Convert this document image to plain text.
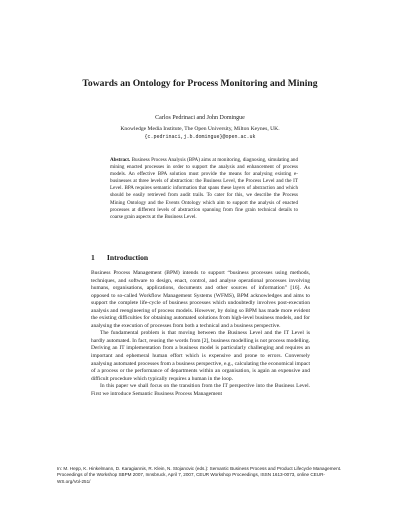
Towards an Ontology for Process Monitoring and Mining
Carlos Pedrinaci and John Domingue
Knowledge Media Institute, The Open University, Milton Keynes, UK.
{c.pedrinaci,j.b.domingue}@open.ac.uk
Abstract. Business Process Analysis (BPA) aims at monitoring, diagnosing, simulating and mining enacted processes in order to support the analysis and enhancement of process models. An effective BPA solution must provide the means for analysing existing e-businesses at three levels of abstraction: the Business Level, the Process Level and the IT Level. BPA requires semantic information that spans these layers of abstraction and which should be easily retrieved from audit trails. To cater for this, we describe the Process Mining Ontology and the Events Ontology which aim to support the analysis of enacted processes at different levels of abstraction spanning from fine grain technical details to coarse grain aspects at the Business Level.
1 Introduction

Business Process Management (BPM) intends to support “business processes using methods, techniques, and software to design, enact, control, and analyse operational processes involving humans, organisations, applications, documents and other sources of information” [16]. As opposed to so-called Workflow Management Systems (WFMS), BPM acknowledges and aims to support the complete life-cycle of business processes which undoubtedly involves post-execution analysis and reengineering of process models. However, by doing so BPM has made more evident the existing difficulties for obtaining automated solutions from high-level business models, and for analysing the execution of processes from both a technical and a business perspective.

The fundamental problem is that moving between the Business Level and the IT Level is hardly automated. In fact, reusing the words from [2], business modelling is not process modelling. Deriving an IT implementation from a business model is particularly challenging and requires an important and ephemeral human effort which is expensive and prone to errors. Conversely analysing automated processes from a business perspective, e.g., calculating the economical impact of a process or the performance of departments within an organisation, is again an expensive and difficult procedure which typically requires a human in the loop.

In this paper we shall focus on the transition from the IT perspective into the Business Level. First we introduce Semantic Business Process Management

In: M. Hepp, K. Hinkelmann, D. Karagiannis, R. Klein, N. Stojanovic (eds.): Semantic Business Process and Product Lifecycle Management. Proceedings of the Workshop SBPM 2007, Innsbruck, April 7, 2007, CEUR Workshop Proceedings, ISSN 1613-0073, online CEUR-WS.org/Vol-251/
